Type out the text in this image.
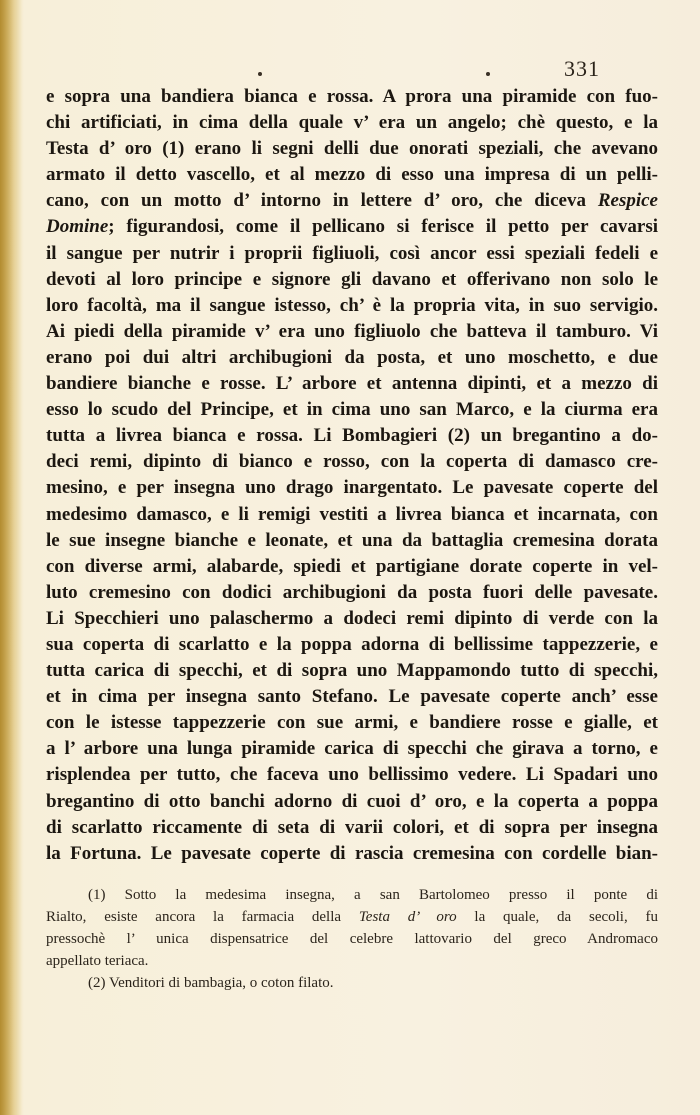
331
e sopra una bandiera bianca e rossa. A prora una piramide con fuo-
chi artificiati, in cima della quale v’ era un angelo; chè questo, e la
Testa d’ oro (1) erano li segni delli due onorati speziali, che avevano
armato il detto vascello, et al mezzo di esso una impresa di un pelli-
cano, con un motto d’ intorno in lettere d’ oro, che diceva Respice
Domine; figurandosi, come il pellicano si ferisce il petto per cavarsi
il sangue per nutrir i proprii figliuoli, così ancor essi speziali fedeli e
devoti al loro principe e signore gli davano et offerivano non solo le
loro facoltà, ma il sangue istesso, ch’ è la propria vita, in suo servigio.
Ai piedi della piramide v’ era uno figliuolo che batteva il tamburo. Vi
erano poi dui altri archibugioni da posta, et uno moschetto, e due
bandiere bianche e rosse. L’ arbore et antenna dipinti, et a mezzo di
esso lo scudo del Principe, et in cima uno san Marco, e la ciurma era
tutta a livrea bianca e rossa. Li Bombagieri (2) un bregantino a do-
deci remi, dipinto di bianco e rosso, con la coperta di damasco cre-
mesino, e per insegna uno drago inargentato. Le pavesate coperte del
medesimo damasco, e li remigi vestiti a livrea bianca et incarnata, con
le sue insegne bianche e leonate, et una da battaglia cremesina dorata
con diverse armi, alabarde, spiedi et partigiane dorate coperte in vel-
luto cremesino con dodici archibugioni da posta fuori delle pavesate.
Li Specchieri uno palaschermo a dodeci remi dipinto di verde con la
sua coperta di scarlatto e la poppa adorna di bellissime tappezzerie, e
tutta carica di specchi, et di sopra uno Mappamondo tutto di specchi,
et in cima per insegna santo Stefano. Le pavesate coperte anch’ esse
con le istesse tappezzerie con sue armi, e bandiere rosse e gialle, et
a l’ arbore una lunga piramide carica di specchi che girava a torno, e
risplendea per tutto, che faceva uno bellissimo vedere. Li Spadari uno
bregantino di otto banchi adorno di cuoi d’ oro, e la coperta a poppa
di scarlatto riccamente di seta di varii colori, et di sopra per insegna
la Fortuna. Le pavesate coperte di rascia cremesina con cordelle bian-
(1) Sotto la medesima insegna, a san Bartolomeo presso il ponte di
Rialto, esiste ancora la farmacia della Testa d’ oro la quale, da secoli, fu
pressochè l’ unica dispensatrice del celebre lattovario del greco Andromaco
appellato teriaca.
(2) Venditori di bambagia, o coton filato.
